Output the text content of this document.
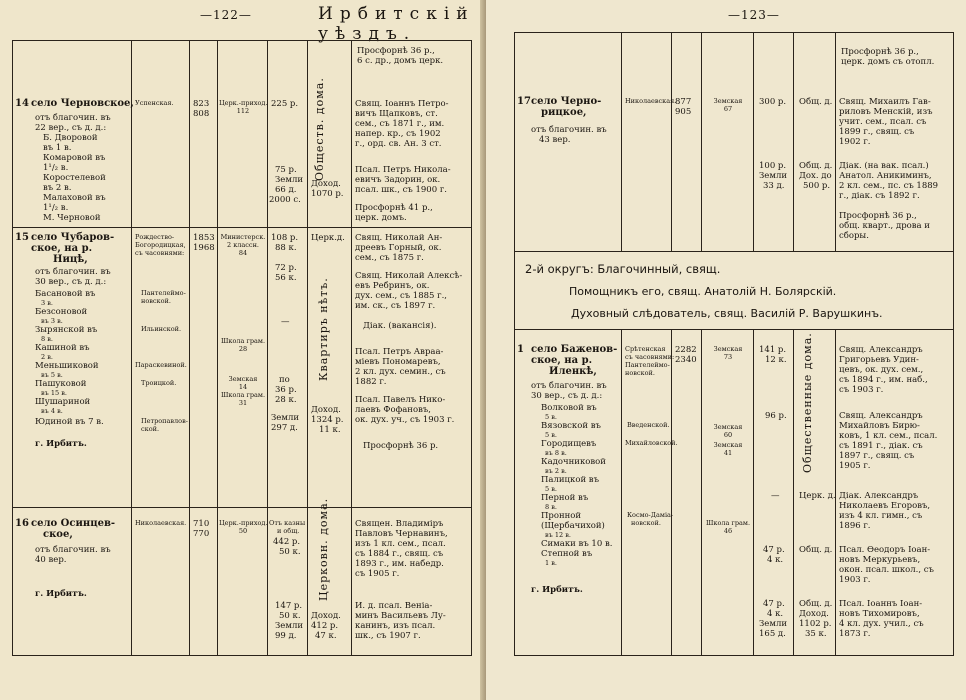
—122—	Ирбитскій уѣздъ.
Просфорнѣ 36 р.,
6 с. др., домъ церк.
14 село Черновское,
отъ благочин. въ
22 вер., съ д. д.:
Б. Дворовой
въ 1 в.
Комаровой въ
1¹/₂ в.
Коростелевой
въ 2 в.
Малаховой въ
1¹/₂ в.
М. Черновой
Успенская. 823
808
Церк.-приход.
112
225 р.
75 р.
Земли
66 д.
2000 с.
Обществ. дома.
Доход.
1070 р.
Свящ. Іоаннъ Петро-
вичъ Щапковъ, ст.
сем., съ 1871 г., им.
напер. кр., съ 1902
г., орд. св. Ан. 3 ст.
Псал. Петръ Никола-
евичъ Задорин, ок.
псал. шк., съ 1900 г.
Просфорнѣ 41 р.,
церк. домъ.
15 село Чубаров-
ское, на р.
Ницѣ,
отъ благочин. въ
30 вер., съ д. д.:
Басановой въ
3 в.
Безсоновой
въ 3 в.
Зырянской въ
8 в.
Кашиной въ
2 в.
Меньшиковой
въ 5 в.
Пашуковой
въ 15 в.
Шушариной
въ 4 в.
Юдиной въ 7 в.
г. Ирбитъ.
Рождество-
Богородицкая,
съ часовнями:
Пантелеймо-
новской.
Ильинской.
Параскевиной.
Троицкой.
Петропавлов-
ской.
1853
1968
Министерск.
2 классн.
84
Школа грам.
28
Земская
14
Школа грам.
31
108 р.
88 к.
72 р.
56 к.
—
по
36 р.
28 к.
Земли
297 д.
Церк.д.
Квартиръ нѣтъ.
Доход.
1324 р.
11 к.
Свящ. Николай Ан-
дреевъ Горный, ок.
сем., съ 1875 г.
Свящ. Николай Алексѣ-
евъ Ребринъ, ок.
дух. сем., съ 1885 г.,
им. ск., съ 1897 г.
Діак. (вакансія).
Псал. Петръ Авраа-
міевъ Пономаревъ,
2 кл. дух. семин., съ
1882 г.
Псал. Павелъ Нико-
лаевъ Фофановъ,
ок. дух. уч., съ 1903 г.
Просфорнѣ 36 р.
16 село Осинцев-
ское,
отъ благочин. въ
40 вер.
г. Ирбитъ.
Николаевская. 710
770
Церк.-приход.
50
Отъ казны
и общ.
442 р.
50 к.
147 р.
50 к.
Земли
99 д.
Церковн. дома.
Доход.
412 р.
47 к.
Священ. Владиміръ
Павловъ Чернавинъ,
изъ 1 кл. сем., псал.
съ 1884 г., свящ. съ
1893 г., им. набедр.
съ 1905 г.
И. д. псал. Веніа-
минъ Васильевъ Лу-
канинъ, изъ псал.
шк., съ 1907 г.
—123—
Просфорнѣ 36 р.,
церк. домъ съ отопл.
17 село Черно-
рицкое,
отъ благочин. въ
43 вер.
Николаевская.
877
905
Земская
67
300 р.
100 р.
Земли
33 д.
Общ. д.
Общ. д.
Дох. до
500 р.
Свящ. Михаилъ Гав-
риловъ Менскій, изъ
учит. сем., псал. съ
1899 г., свящ. съ
1902 г.
Діак. (на вак. псал.)
Анатол. Аникиминъ,
2 кл. сем., пс. съ 1889
г., діак. съ 1892 г.
Просфорнѣ 36 р.,
общ. кварт., дрова и
сборы.
2-й округъ: Благочинный, свящ.
Помощникъ его, свящ. Анатолій Н. Болярскій.
Духовный слѣдователь, свящ. Василій Р. Варушкинъ.
1 село Баженов-
ское, на р.
Иленкѣ,
отъ благочин. въ
30 вер., съ д. д.:
Волковой въ
5 в.
Вязовской въ
5 в.
Городищевъ
въ 8 в.
Кадочниковой
въ 2 в.
Палицкой въ
5 в.
Перной въ
8 в.
Пронной
(Щербачихой)
въ 12 в.
Симаки въ 10 в.
Степной въ
1 в.
г. Ирбитъ.
Срѣтенская
съ часовнями:
Пантелеймо-
новской.
Введенской.
Михайловской.
Космо-Даміа-
новской.
2282
2340
Земская
73
Земская
60
Земская
41
Школа грам.
46
141 р.
12 к.
96 р.
—
47 р.
4 к.
47 р.
4 к.
Земли
165 д.
Общественные дома.
Церк. д.
Общ. д.
Общ. д.
Доход.
1102 р.
35 к.
Свящ. Александръ
Григорьевъ Удин-
цевъ, ок. дух. сем.,
съ 1894 г., им. наб.,
съ 1903 г.
Свящ. Александръ
Михайловъ Бирю-
ковъ, 1 кл. сем., псал.
съ 1891 г., діак. съ
1897 г., свящ. съ
1905 г.
Діак. Александръ
Николаевъ Егоровъ,
изъ 4 кл. гимн., съ
1896 г.
Псал. Ѳеодоръ Іоан-
новъ Меркурьевъ,
окон. псал. школ., съ
1903 г.
Псал. Іоаннъ Іоан-
новъ Тихомировъ,
4 кл. дух. учил., съ
1873 г.
